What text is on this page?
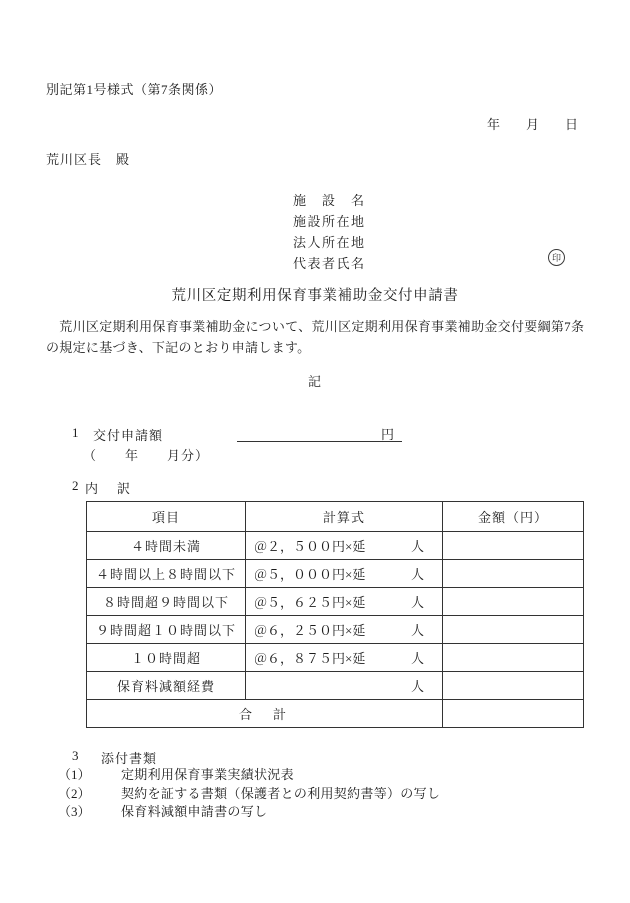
別記第1号様式（第7条関係）
年 月 日
荒川区長　殿
施　設　名
施設所在地
法人所在地
代表者氏名	印
荒川区定期利用保育事業補助金交付申請書
　荒川区定期利用保育事業補助金について、荒川区定期利用保育事業補助金交付要綱第7条
の規定に基づき、下記のとおり申請します。
記
1	交付申請額	円
（　　年　　月分）
2 内　訳
項目	計算式	金額（円）
４時間未満	＠２，５００円×延 人	

４時間以上８時間以下	＠５，０００円×延 人	

８時間超９時間以下	＠５，６２５円×延 人	

９時間超１０時間以下	＠６，２５０円×延 人	

１０時間超	＠６，８７５円×延 人	

保育料減額経費	人	

合　計		
3	添付書類
（1）	定期利用保育事業実績状況表
（2）	契約を証する書類（保護者との利用契約書等）の写し
（3）	保育料減額申請書の写し
